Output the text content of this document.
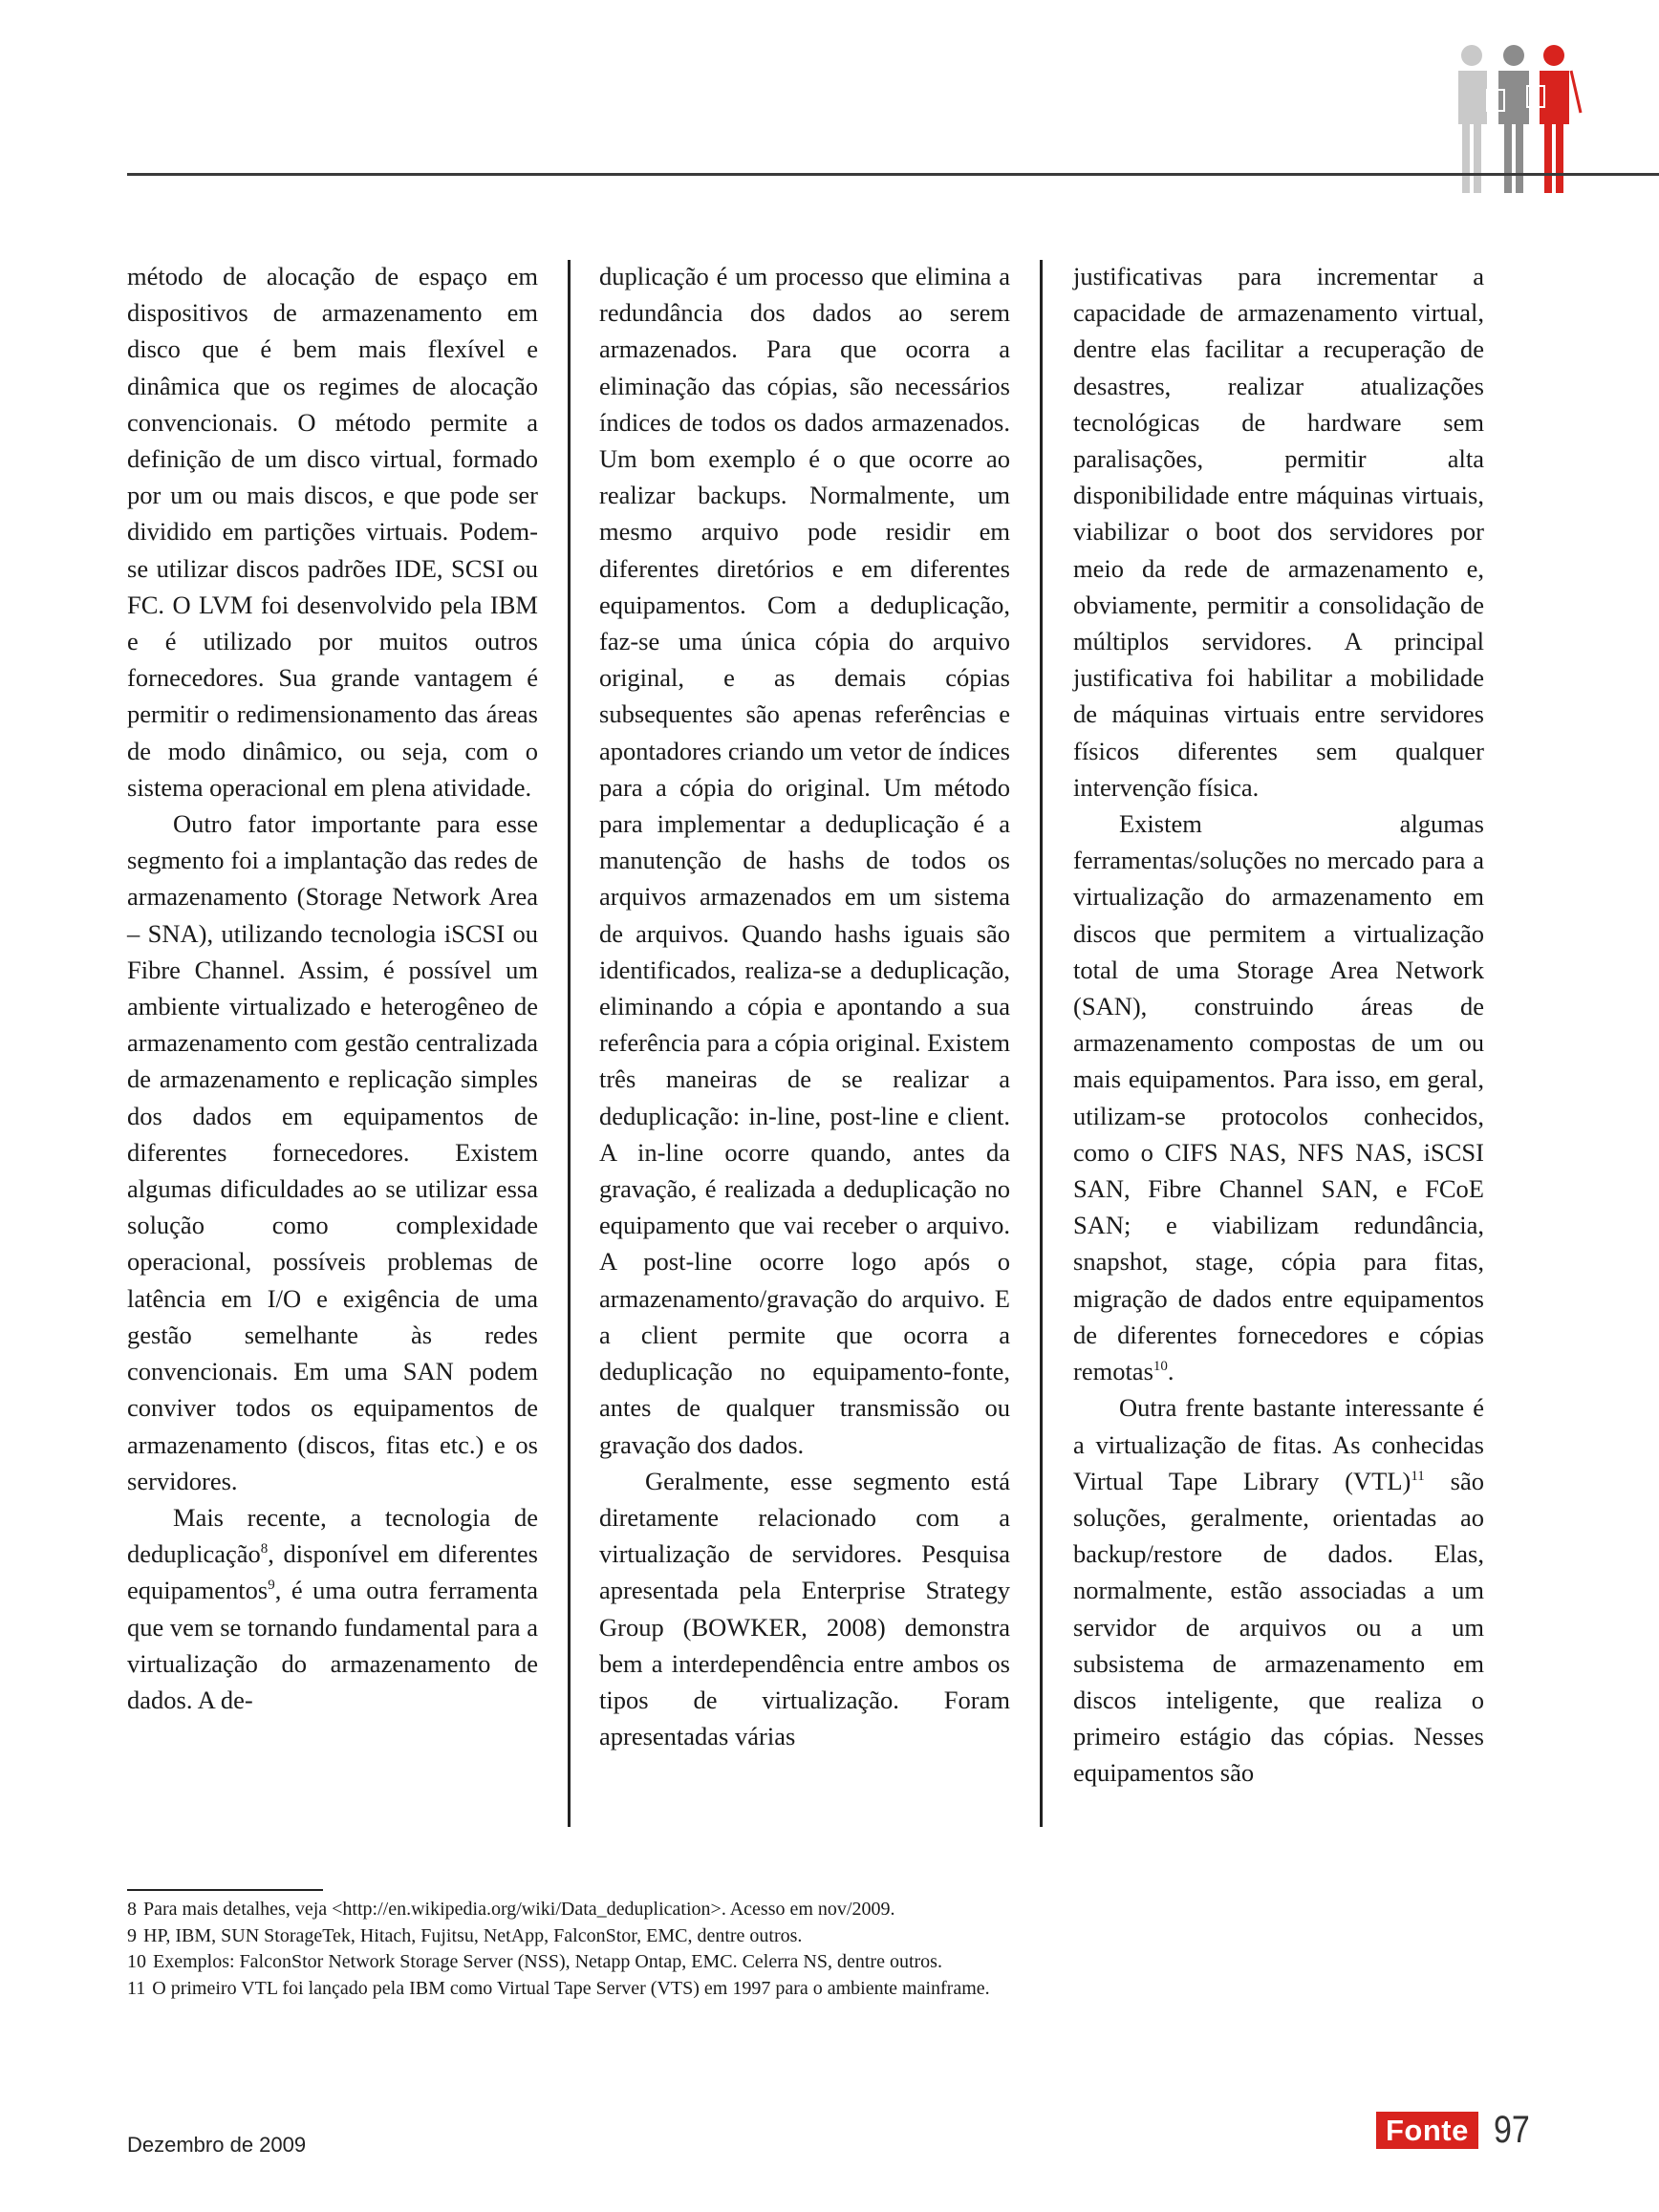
método de alocação de espaço em dispositivos de armazenamento em disco que é bem mais flexível e dinâmica que os regimes de alocação convencionais. O método permite a definição de um disco virtual, formado por um ou mais discos, e que pode ser dividido em partições virtuais. Podem-se utilizar discos padrões IDE, SCSI ou FC. O LVM foi desenvolvido pela IBM e é utilizado por muitos outros fornecedores. Sua grande vantagem é permitir o redimensionamento das áreas de modo dinâmico, ou seja, com o sistema operacional em plena atividade.

Outro fator importante para esse segmento foi a implantação das redes de armazenamento (Storage Network Area – SNA), utilizando tecnologia iSCSI ou Fibre Channel. Assim, é possível um ambiente virtualizado e heterogêneo de armazenamento com gestão centralizada de armazenamento e replicação simples dos dados em equipamentos de diferentes fornecedores. Existem algumas dificuldades ao se utilizar essa solução como complexidade operacional, possíveis problemas de latência em I/O e exigência de uma gestão semelhante às redes convencionais. Em uma SAN podem conviver todos os equipamentos de armazenamento (discos, fitas etc.) e os servidores.

Mais recente, a tecnologia de deduplicação$^8$, disponível em diferentes equipamentos$^9$, é uma outra ferramenta que vem se tornando fundamental para a virtualização do armazenamento de dados. A de-

duplicação é um processo que elimina a redundância dos dados ao serem armazenados. Para que ocorra a eliminação das cópias, são necessários índices de todos os dados armazenados. Um bom exemplo é o que ocorre ao realizar backups. Normalmente, um mesmo arquivo pode residir em diferentes diretórios e em diferentes equipamentos. Com a deduplicação, faz-se uma única cópia do arquivo original, e as demais cópias subsequentes são apenas referências e apontadores criando um vetor de índices para a cópia do original. Um método para implementar a deduplicação é a manutenção de hashs de todos os arquivos armazenados em um sistema de arquivos. Quando hashs iguais são identificados, realiza-se a deduplicação, eliminando a cópia e apontando a sua referência para a cópia original. Existem três maneiras de se realizar a deduplicação: in-line, post-line e client. A in-line ocorre quando, antes da gravação, é realizada a deduplicação no equipamento que vai receber o arquivo. A post-line ocorre logo após o armazenamento/gravação do arquivo. E a client permite que ocorra a deduplicação no equipamento-fonte, antes de qualquer transmissão ou gravação dos dados.

Geralmente, esse segmento está diretamente relacionado com a virtualização de servidores. Pesquisa apresentada pela Enterprise Strategy Group (BOWKER, 2008) demonstra bem a interdependência entre ambos os tipos de virtualização. Foram apresentadas várias

justificativas para incrementar a capacidade de armazenamento virtual, dentre elas facilitar a recuperação de desastres, realizar atualizações tecnológicas de hardware sem paralisações, permitir alta disponibilidade entre máquinas virtuais, viabilizar o boot dos servidores por meio da rede de armazenamento e, obviamente, permitir a consolidação de múltiplos servidores. A principal justificativa foi habilitar a mobilidade de máquinas virtuais entre servidores físicos diferentes sem qualquer intervenção física.

Existem algumas ferramentas/soluções no mercado para a virtualização do armazenamento em discos que permitem a virtualização total de uma Storage Area Network (SAN), construindo áreas de armazenamento compostas de um ou mais equipamentos. Para isso, em geral, utilizam-se protocolos conhecidos, como o CIFS NAS, NFS NAS, iSCSI SAN, Fibre Channel SAN, e FCoE SAN; e viabilizam redundância, snapshot, stage, cópia para fitas, migração de dados entre equipamentos de diferentes fornecedores e cópias remotas$^{10}$.

Outra frente bastante interessante é a virtualização de fitas. As conhecidas Virtual Tape Library (VTL)$^{11}$ são soluções, geralmente, orientadas ao backup/restore de dados. Elas, normalmente, estão associadas a um servidor de arquivos ou a um subsistema de armazenamento em discos inteligente, que realiza o primeiro estágio das cópias. Nesses equipamentos são

8 Para mais detalhes, veja <http://en.wikipedia.org/wiki/Data_deduplication>. Acesso em nov/2009.
9 HP, IBM, SUN StorageTek, Hitach, Fujitsu, NetApp, FalconStor, EMC, dentre outros.
10 Exemplos: FalconStor Network Storage Server (NSS), Netapp Ontap, EMC. Celerra NS, dentre outros.
11 O primeiro VTL foi lançado pela IBM como Virtual Tape Server (VTS) em 1997 para o ambiente mainframe.
Dezembro de 2009	Fonte 97
